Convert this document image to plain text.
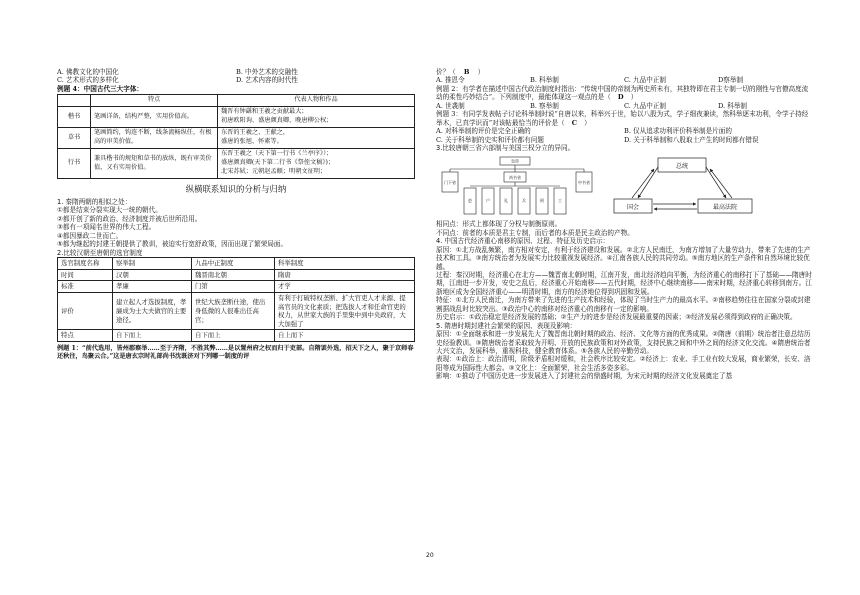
A. 佛教文化的中国化	B. 中外艺术的交融性
C. 艺术形式的多样化	D. 艺术内容的时代性
例题 4：中国古代三大字体：
	特点	代表人物和作品
楷书	笔画详备，结构严整，实用价值高。	魏晋有钟繇和王羲之贡献最大；
初唐欧阳询、盛唐颜真卿、晚唐柳公权；

草书	笔画简约，钩连不断，线条流畅纵任，有极高的审美价值。	东晋的王羲之、王献之，
盛唐的张旭、怀素等。

行书	兼具楷书的规矩和草书的放纵，既有审美价值，又有实用价值。	东晋王羲之（天下第一行书《兰亭序》）；
盛唐颜真卿(天下第二行书《祭侄文稿》)；
北宋苏轼；元朝赵孟頫；明朝文征明；
纵横联系知识的分析与归纳
1. 秦隋两朝的相似之处：
①都是结束分裂实现大一统的朝代。
②都开创了新的政治、经济制度并被后世所沿用。
③都有一项闻名世界的伟大工程。
④都因暴政二世而亡。
⑤都为继起的封建王朝提供了教训，被迫实行宽舒政策，因而出现了繁荣局面。
2.比较汉朝至唐朝的选官制度
选官制度名称	察举制	九品中正制度	科举制度
时间	汉朝	魏晋南北朝	隋唐
标准	孝廉	门第	才学
评价	建立起人才选拔制度，孝廉成为士大夫做官的主要途径。	世纪大族垄断仕途，使出身低微的人很难出任高官；	有利于打破特权垄断、扩大官吏人才来源、提高官员的文化素质；把选拔人才和任命官吏的权力，从世家大族的手里集中到中央政府，大大加强了
特点	自下而上	自下而上	自上而下
例题 1：“前代选用，皆州郡察举……至于齐隋，不胜其弊……是以置州府之权而归于吏部。自隋罢外选，招天下之人，聚于京师春还秋往，鸟聚云合。”这是唐玄宗时礼部尚书沈既济对下列哪一制度的评
价？（ B ）
A. 推恩令	B. 科举制	C. 九品中正制	D察举制
例题 2：有学者在描述中国古代政治制度时指出：“传统中国的帝制为两史所未有，其独特即在君主专制一切的刚性与官僚高度流动的柔性巧妙结合”。下列制度中，最能体现这一观点的是（ D ）
A. 世袭制	B. 察举制	C. 九品中正制	D. 科举制
例题 3：有同学发表帖子讨论科举制时说“自唐以来，科举兴于世，始以八股为式，学子细夜兼读，然科举逐末功利，令学子持经举木，已真学识而”对该帖最恰当的评价是（ C ）
A. 对科举制的评价是完全正确的	B. 仅从追求功利评价科举制是片面的
C. 关于科举制的史实和评价都有问题	D. 关于科举制和八股取士产生的时间都有错误
3.比较唐朝三省六部制与美国三权分立的异同。
皇帝
门下省
尚书省
中书省
吏	户	礼	兵	刑	工
总统
国会	最高法院
相同点：形式上都体现了分权与制衡原则。
不同点：前者的本质是君主专制，而后者的本质是民主政治的产物。
4. 中国古代经济重心南移的原因、过程、特征及历史启示：
原因：①北方战乱频繁，南方相对安定，有利于经济建设和发展。②北方人民南迁，为南方增加了大量劳动力，带来了先进的生产技术和工具。③南方统治者为发展实力比较重视发展经济。④江南各族人民的共同劳动。⑤南方地区的生产条件和自然环境比较优越。
过程：秦汉时期，经济重心在北方——魏晋南北朝时期，江南开发，南北经济趋向平衡，为经济重心的南移打下了基础——隋唐时期，江南进一步开发，安史之乱后，经济重心开始南移——五代时期，经济中心继续南移——南宋时期，经济重心转移到南方。江浙地区成为全国经济重心——明清时期，南方的经济地位得到巩固和发展。
特征：①北方人民南迁，为南方带来了先进的生产技术和经验，体现了当时生产力的最高水平。②南移趋势往往在国家分裂或封建割据战乱时比较突出。③政治中心的南移对经济重心的南移有一定的影响。
历史启示：①政治稳定是经济发展的基础；②生产力的进步是经济发展最重要的因素；③经济发展必须得到政府的正确决策。
5. 隋唐时期封建社会繁荣的原因、表现及影响：
原因：①全面继承和进一步发展先大了魏晋南北朝时期的政治、经济、文化等方面的优秀成果。②隋唐（前期）统治者注意总结历史经验教训。③隋唐统治者采取较为开明、开放的民族政策和对外政策，支持民族之间和中外之间的经济文化交流。④隋唐统治者大兴文治，发展科举，重视科技，健全教育体系。⑤各族人民的辛勤劳动。
表现：①政治上：政治清明，阶级矛盾相对缓和，社会秩序比较安定。②经济上：农业、手工业有较大发展，商业繁荣，长安、洛阳等成为国际性大都会。③文化上：全面繁荣，社会生活多姿多彩。
影响：①推动了中国历史进一步发展进入了封建社会的鼎盛时期，为宋元时期的经济文化发展奠定了基
20
